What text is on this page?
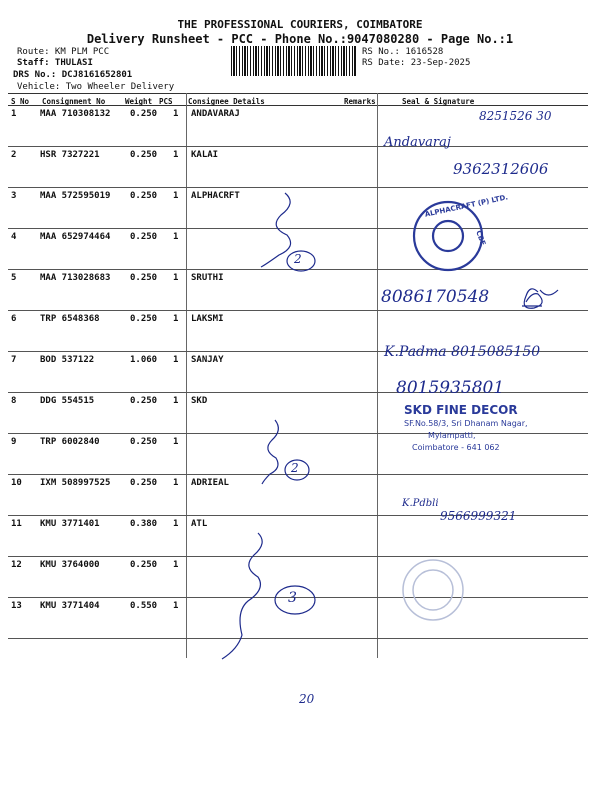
THE PROFESSIONAL COURIERS, COIMBATORE
Delivery Runsheet - PCC - Phone No.:9047080280 - Page No.:1
Route: KM PLM PCC
Staff: THULASI
DRS No.: DCJ8161652801
Vehicle: Two Wheeler Delivery
RS No.: 1616528
RS Date: 23-Sep-2025
S No Consignment No	Weight PCS Consignee Details	Remarks	Seal & Signature
1	MAA 710308132 0.250 1 ANDAVARAJ
2	HSR 7327221	0.250 1 KALAI
3	MAA 572595019 0.250 1 ALPHACRFT
4	MAA 652974464 0.250 1
5	MAA 713028683 0.250 1 SRUTHI
6	TRP 6548368	0.250 1 LAKSMI
7	BOD 537122	1.060 1 SANJAY
8	DDG 554515	0.250 1 SKD
9	TRP 6002840	0.250 1
10 IXM 508997525 0.250 1 ADRIEAL
11 KMU 3771401	0.380 1 ATL
12 KMU 3764000	0.250 1
13 KMU 3771404	0.550 1
8251526 30
Andavaraj
9362312606
8086170548
K.Padma 8015085150
8015935801
K.Pdbli
9566999321
2
2
3
20
ALPHACRAFT (P) LTD.
CBE
SKD FINE DECOR
SF.No.58/3, Sri Dhanam Nagar,
Mylampatti,
Coimbatore - 641 062
